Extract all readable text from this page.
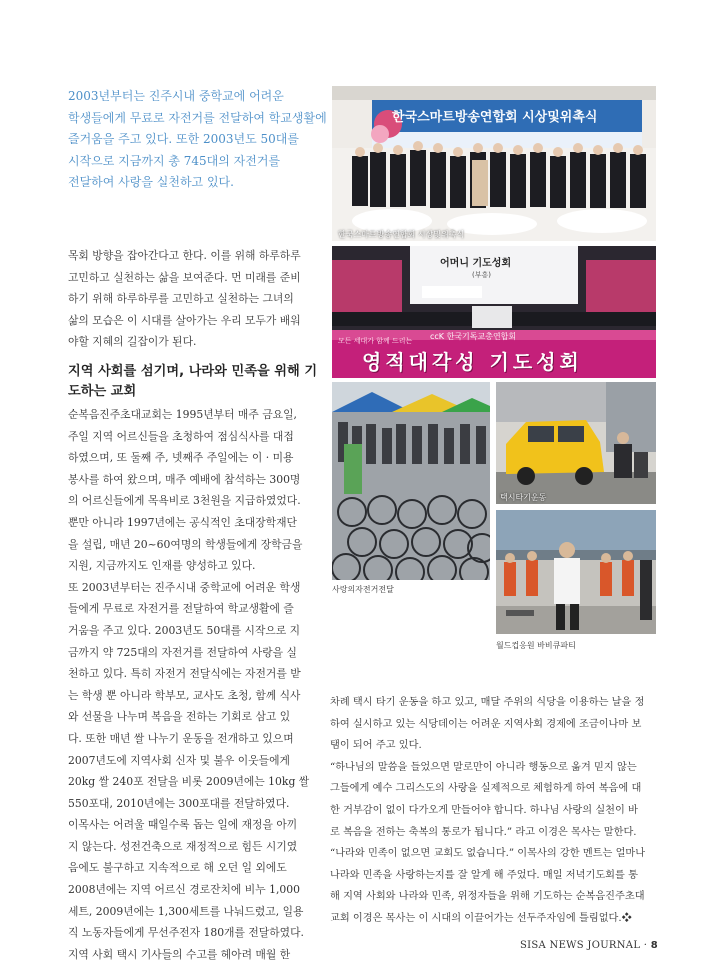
2003년부터는 진주시내 중학교에 어려운
학생들에게 무료로 자전거를 전달하여 학교생활에
즐거움을 주고 있다. 또한 2003년도 50대를
시작으로 지금까지 총 745대의 자전거를
전달하여 사랑을 실천하고 있다.
목회 방향을 잡아간다고 한다. 이를 위해 하루하루
고민하고 실천하는 삶을 보여준다. 먼 미래를 준비
하기 위해 하루하루를 고민하고 실천하는 그녀의
삶의 모습은 이 시대를 살아가는 우리 모두가 배워
야할 지혜의 길잡이가 된다.
지역 사회를 섬기며, 나라와 민족을 위해 기
도하는 교회
순복음진주초대교회는 1995년부터 매주 금요일,
주일 지역 어르신들을 초청하여 점심식사를 대접
하였으며, 또 둘째 주, 넷째주 주일에는 이 · 미용
봉사를 하여 왔으며, 매주 예배에 참석하는 300명
의 어르신들에게 목욕비로 3천원을 지급하였었다.
뿐만 아니라 1997년에는 공식적인 초대장학재단
을 설립, 매년 20~60여명의 학생들에게 장학금을
지원, 지금까지도 인재를 양성하고 있다.
또 2003년부터는 진주시내 중학교에 어려운 학생
들에게 무료로 자전거를 전달하여 학교생활에 즐
거움을 주고 있다. 2003년도 50대를 시작으로 지
금까지 약 725대의 자전거를 전달하여 사랑을 실
천하고 있다. 특히 자전거 전달식에는 자전거를 받
는 학생 뿐 아니라 학부모, 교사도 초청, 함께 식사
와 선물을 나누며 복음을 전하는 기회로 삼고 있
다. 또한 매년 쌀 나누기 운동을 전개하고 있으며
2007년도에 지역사회 신자 및 불우 이웃들에게
20kg 쌀 240포 전달을 비롯 2009년에는 10kg 쌀
550포대, 2010년에는 300포대를 전달하였다.
이목사는 어려울 때일수록 돕는 일에 재정을 아끼
지 않는다. 성전건축으로 재정적으로 힘든 시기였
음에도 불구하고 지속적으로 해 오던 일 외에도
2008년에는 지역 어르신 경로잔치에 비누 1,000
세트, 2009년에는 1,300세트를 나눠드렸고, 일용
직 노동자들에게 무선주전자 180개를 전달하였다.
지역 사회 택시 기사들의 수고를 헤아려 매월 한
차례 택시 타기 운동을 하고 있고, 매달 주위의 식당을 이용하는 날을 정
하여 실시하고 있는 식당데이는 어려운 지역사회 경제에 조금이나마 보
탬이 되어 주고 있다.
“하나님의 말씀을 들었으면 말로만이 아니라 행동으로 옮겨 믿지 않는
그들에게 예수 그리스도의 사랑을 실제적으로 체험하게 하여 복음에 대
한 거부감이 없이 다가오게 만들어야 합니다. 하나님 사랑의 실천이 바
로 복음을 전하는 축복의 통로가 됩니다.” 라고 이경은 목사는 말한다.
“나라와 민족이 없으면 교회도 없습니다.” 이목사의 강한 멘트는 얼마나
나라와 민족을 사랑하는지를 잘 알게 해 주었다. 매일 저녁기도회를 통
해 지역 사회와 나라와 민족, 위정자들을 위해 기도하는 순복음진주초대
교회 이경은 목사는 이 시대의 이끌어가는 선두주자임에 틀림없다.❖
한국스마트방송연합회 시상및위촉식
한국스마트방송연합회 시상및위촉식
어머니 기도성회
(부흥)
ccK 한국기독교총연합회
모든 세대가 함께 드리는
영적대각성 기도성회
사랑의자전거전달
택시타기운동
월드컵응원 바비큐파티
SISA NEWS JOURNAL · 8
